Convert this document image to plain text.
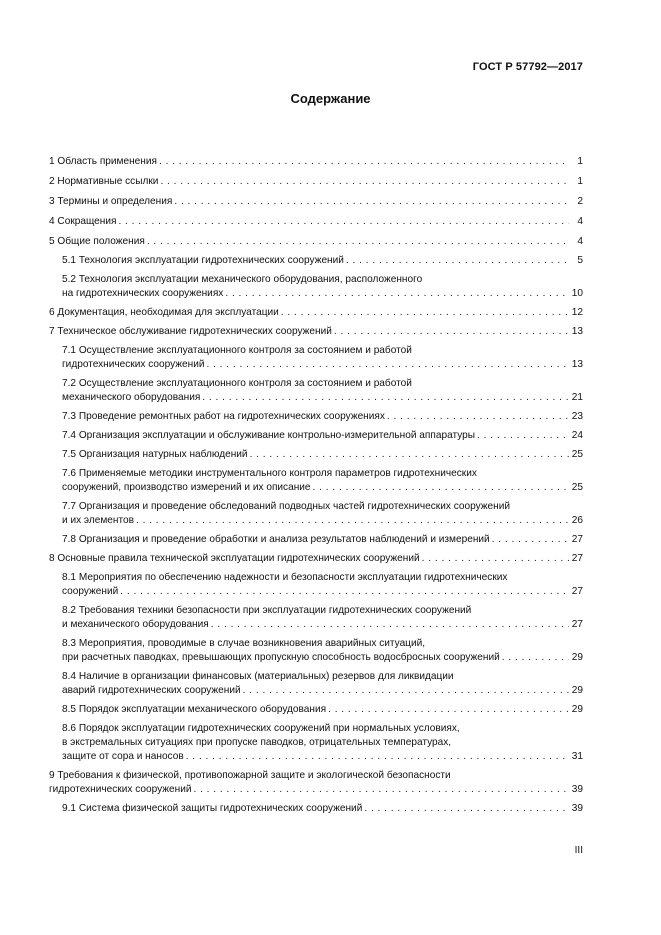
ГОСТ Р 57792—2017
Содержание
1 Область применения . . .	1
2 Нормативные ссылки . . .	1
3 Термины и определения . . .	2
4 Сокращения . . .	4
5 Общие положения . . .	4
5.1 Технология эксплуатации гидротехнических сооружений . . .	5
5.2 Технология эксплуатации механического оборудования, расположенного
на гидротехнических сооружениях . . .	10
6 Документация, необходимая для эксплуатации . . .	12
7 Техническое обслуживание гидротехнических сооружений . . .	13
7.1 Осуществление эксплуатационного контроля за состоянием и работой
гидротехнических сооружений . . .	13
7.2 Осуществление эксплуатационного контроля за состоянием и работой
механического оборудования . . .	21
7.3 Проведение ремонтных работ на гидротехнических сооружениях . . .	23
7.4 Организация эксплуатации и обслуживание контрольно-измерительной аппаратуры . . .	24
7.5 Организация натурных наблюдений . . .	25
7.6 Применяемые методики инструментального контроля параметров гидротехнических
сооружений, производство измерений и их описание . . .	25
7.7 Организация и проведение обследований подводных частей гидротехнических сооружений
и их элементов . . .	26
7.8 Организация и проведение обработки и анализа результатов наблюдений и измерений . . .	27
8 Основные правила технической эксплуатации гидротехнических сооружений . . .	27
8.1 Мероприятия по обеспечению надежности и безопасности эксплуатации гидротехнических
сооружений . . .	27
8.2 Требования техники безопасности при эксплуатации гидротехнических сооружений
и механического оборудования . . .	27
8.3 Мероприятия, проводимые в случае возникновения аварийных ситуаций,
при расчетных паводках, превышающих пропускную способность водосбросных сооружений . . .	29
8.4 Наличие в организации финансовых (материальных) резервов для ликвидации
аварий гидротехнических сооружений . . .	29
8.5 Порядок эксплуатации механического оборудования . . .	29
8.6 Порядок эксплуатации гидротехнических сооружений при нормальных условиях,
в экстремальных ситуациях при пропуске паводков, отрицательных температурах,
защите от сора и наносов . . .	31
9 Требования к физической, противопожарной защите и экологической безопасности
гидротехнических сооружений . . .	39
9.1 Система физической защиты гидротехнических сооружений . . .	39
III
